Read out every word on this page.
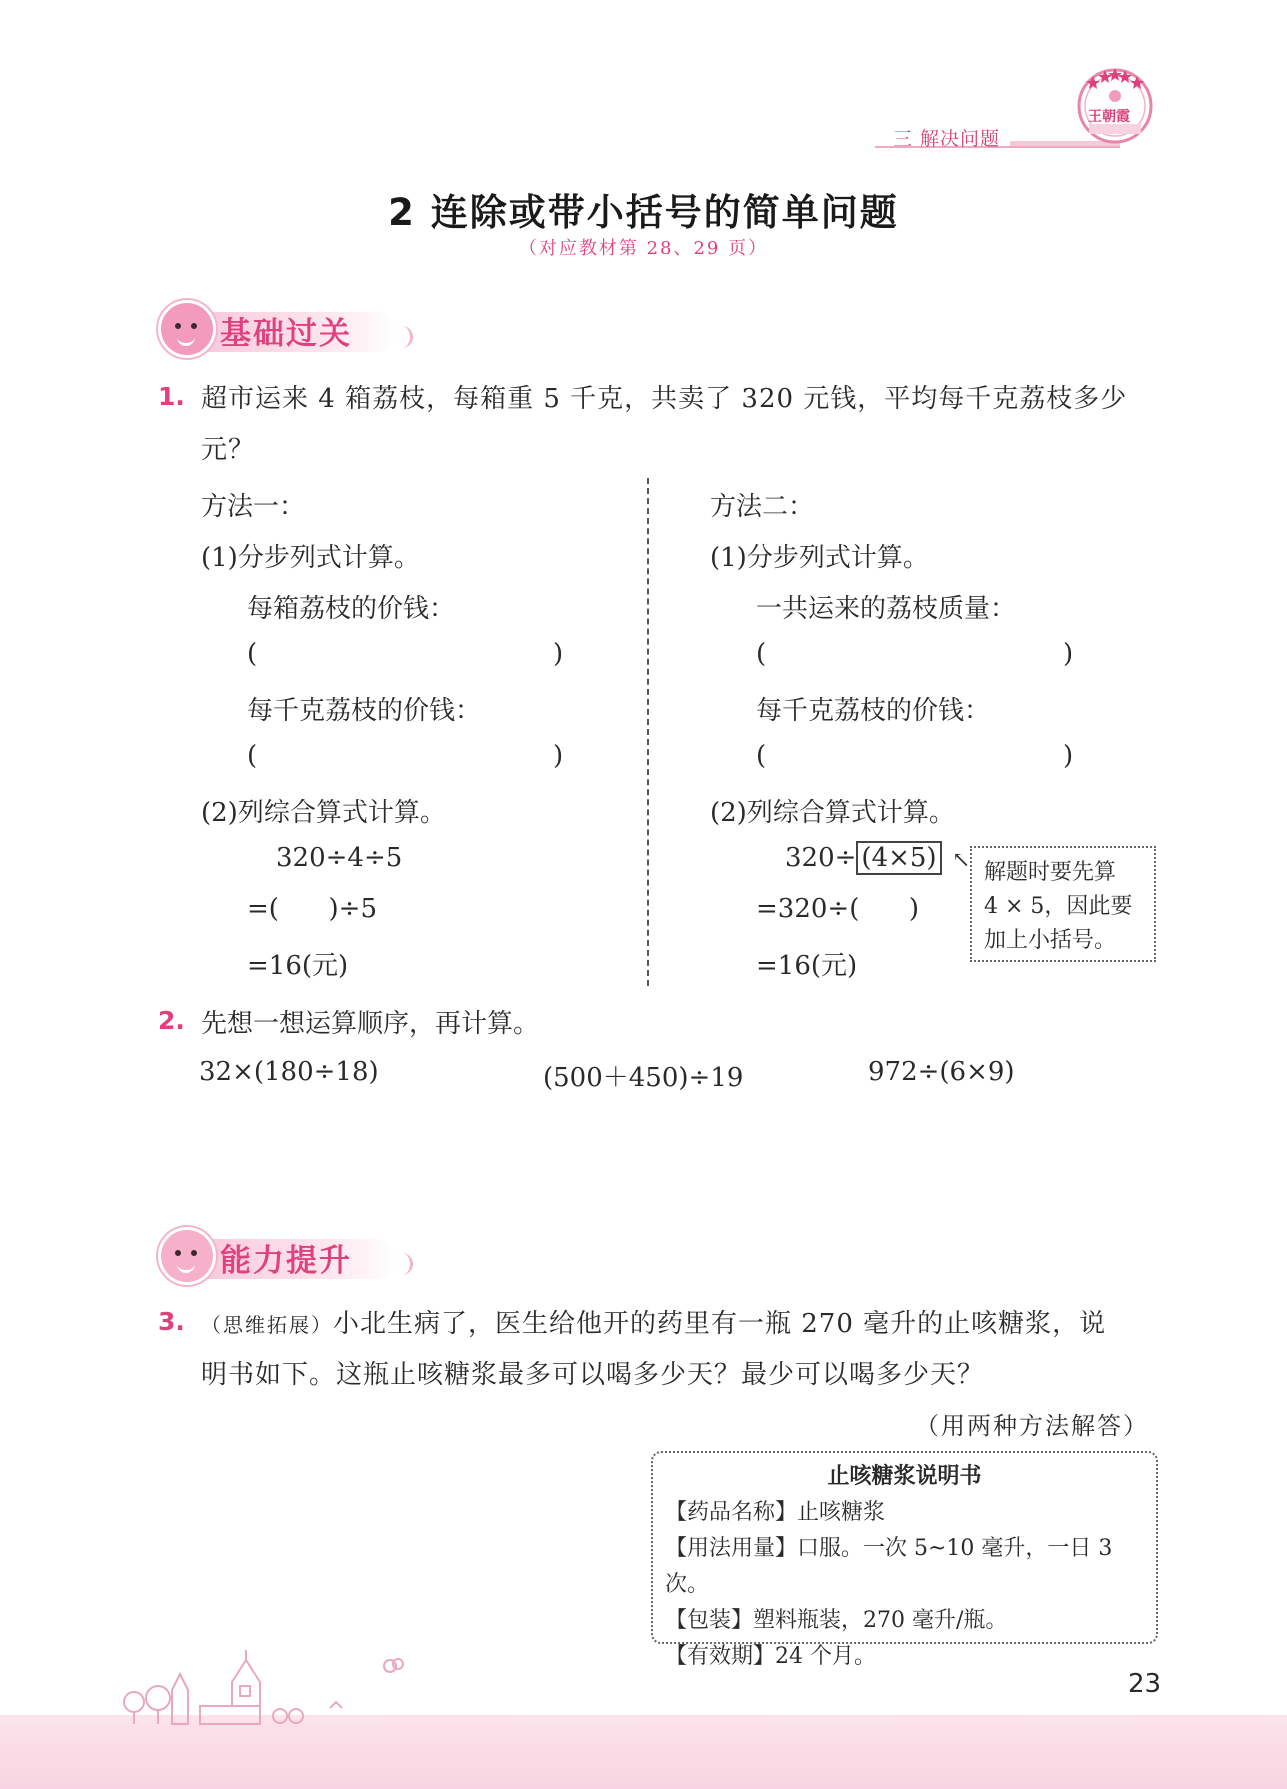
三 解决问题
王朝霞
2 连除或带小括号的简单问题
（对应教材第 28、29 页）
基础过关
1. 超市运来 4 箱荔枝，每箱重 5 千克，共卖了 320 元钱，平均每千克荔枝多少
元？
方法一：
(1)分步列式计算。
每箱荔枝的价钱：
(	)
每千克荔枝的价钱：
(	)
(2)列综合算式计算。
320÷4÷5
=(      )÷5
=16(元)
方法二：
(1)分步列式计算。
一共运来的荔枝质量：
(	)
每千克荔枝的价钱：
(	)
(2)列综合算式计算。
320÷ (4×5)
=320÷(      )
=16(元)
↖ 解题时要先算
4 × 5，因此要
加上小括号。
2. 先想一想运算顺序，再计算。
32×(180÷18)	(500＋450)÷19	972÷(6×9)
能力提升
3. （思维拓展）小北生病了，医生给他开的药里有一瓶 270 毫升的止咳糖浆，说
明书如下。这瓶止咳糖浆最多可以喝多少天？最少可以喝多少天？
（用两种方法解答）
止咳糖浆说明书
【药品名称】止咳糖浆
【用法用量】口服。一次 5~10 毫升，一日 3 次。
【包装】塑料瓶装，270 毫升/瓶。
【有效期】24 个月。
23
